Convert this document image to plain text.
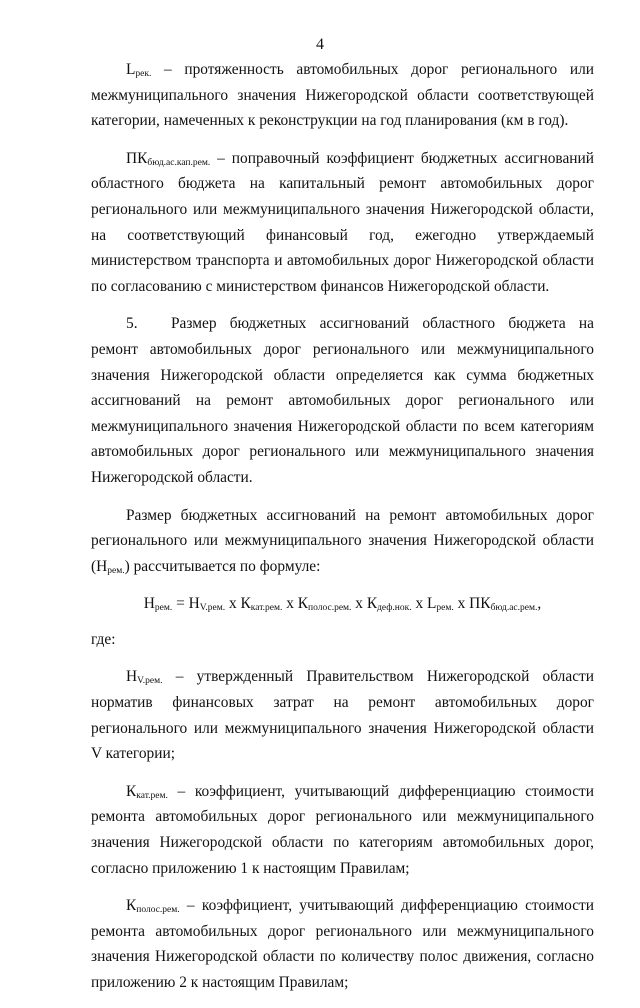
4

$L_{рек.}$ – протяженность автомобильных дорог регионального или межмуниципального значения Нижегородской области соответствующей категории, намеченных к реконструкции на год планирования (км в год).

$ПК_{бюд.ас.кап.рем.}$ – поправочный коэффициент бюджетных ассигнований областного бюджета на капитальный ремонт автомобильных дорог регионального или межмуниципального значения Нижегородской области, на соответствующий финансовый год, ежегодно утверждаемый министерством транспорта и автомобильных дорог Нижегородской области по согласованию с министерством финансов Нижегородской области.

5. Размер бюджетных ассигнований областного бюджета на ремонт автомобильных дорог регионального или межмуниципального значения Нижегородской области определяется как сумма бюджетных ассигнований на ремонт автомобильных дорог регионального или межмуниципального значения Нижегородской области по всем категориям автомобильных дорог регионального или межмуниципального значения Нижегородской области.

Размер бюджетных ассигнований на ремонт автомобильных дорог регионального или межмуниципального значения Нижегородской области $(Н_{рем.})$ рассчитывается по формуле:

$Н_{рем.} = Н_{V.рем.}$ х $К_{кат.рем.}$ х $К_{полос.рем.}$ х $К_{деф.нок.}$ х $L_{рем.}$ х $ПК_{бюд.ас.рем.}$,

где:

$Н_{V.рем.}$ – утвержденный Правительством Нижегородской области норматив финансовых затрат на ремонт автомобильных дорог регионального или межмуниципального значения Нижегородской области V категории;

$К_{кат.рем.}$ – коэффициент, учитывающий дифференциацию стоимости ремонта автомобильных дорог регионального или межмуниципального значения Нижегородской области по категориям автомобильных дорог, согласно приложению 1 к настоящим Правилам;

$К_{полос.рем.}$ – коэффициент, учитывающий дифференциацию стоимости ремонта автомобильных дорог регионального или межмуниципального значения Нижегородской области по количеству полос движения, согласно приложению 2 к настоящим Правилам;
